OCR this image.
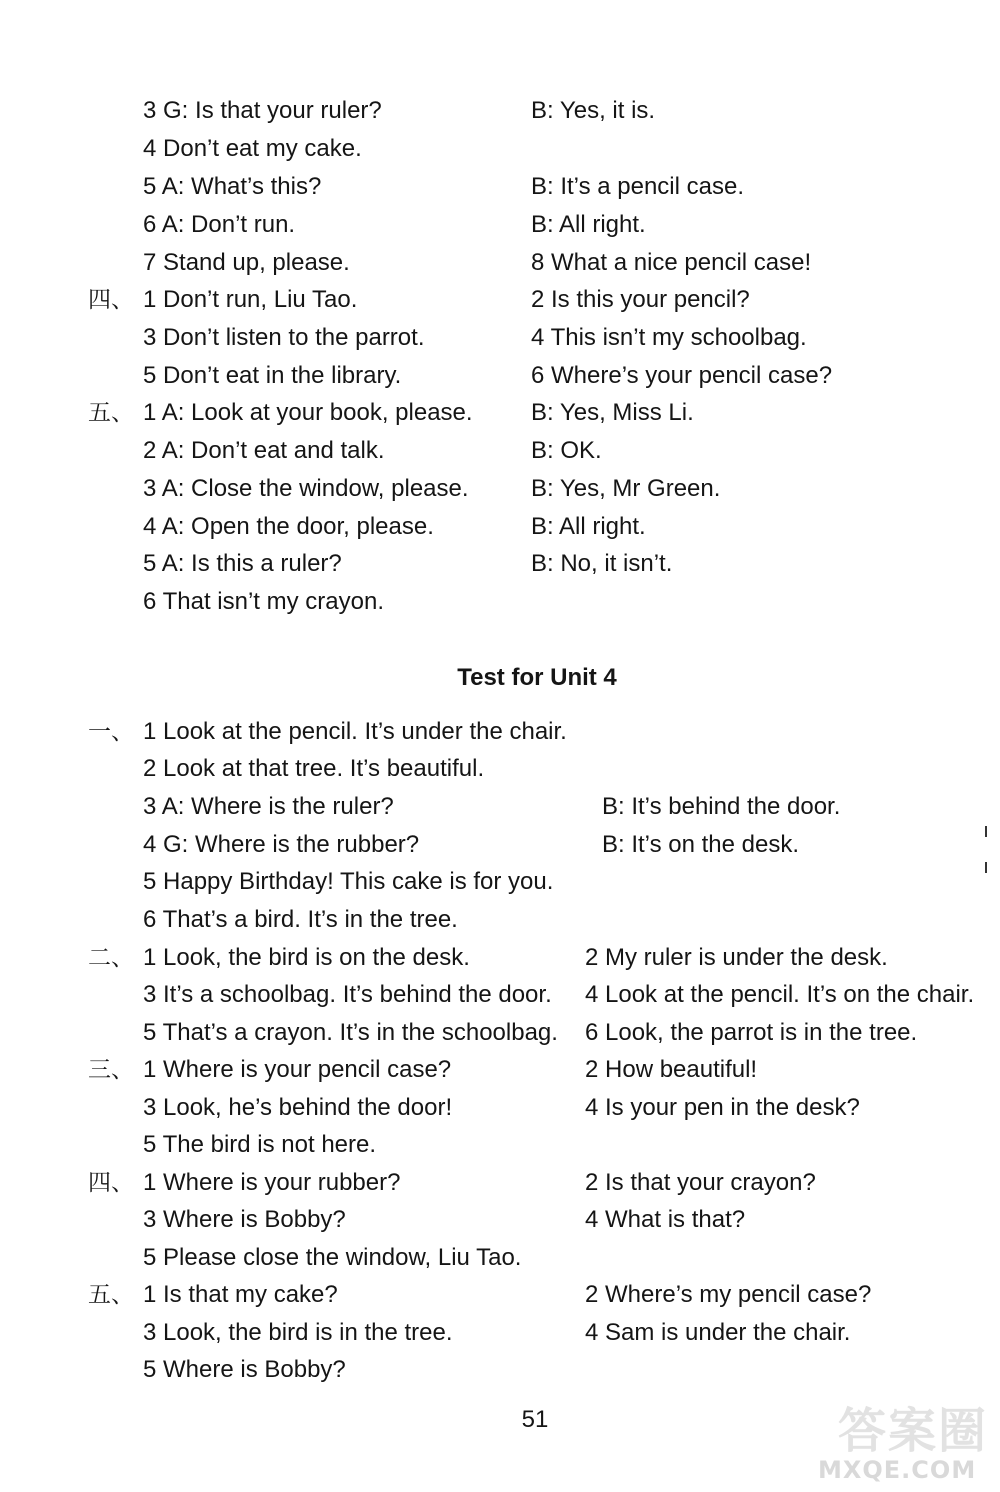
3 G: Is that your ruler?	B: Yes, it is.
4 Don’t eat my cake.
5 A: What’s this?	B: It’s a pencil case.
6 A: Don’t run.	B: All right.
7 Stand up, please.	8 What a nice pencil case!
四、 1 Don’t run, Liu Tao.	2 Is this your pencil?
3 Don’t listen to the parrot.	4 This isn’t my schoolbag.
5 Don’t eat in the library.	6 Where’s your pencil case?
五、 1 A: Look at your book, please. B: Yes, Miss Li.
2 A: Don’t eat and talk.	B: OK.
3 A: Close the window, please.	B: Yes, Mr Green.
4 A: Open the door, please.	B: All right.
5 A: Is this a ruler?	B: No, it isn’t.
6 That isn’t my crayon.
Test for Unit 4
一、 1 Look at the pencil. It’s under the chair.
2 Look at that tree. It’s beautiful.
3 A: Where is the ruler?	B: It’s behind the door.
4 G: Where is the rubber?	B: It’s on the desk.
5 Happy Birthday! This cake is for you.
6 That’s a bird. It’s in the tree.
二、 1 Look, the bird is on the desk.	2 My ruler is under the desk.
3 It’s a schoolbag. It’s behind the door. 4 Look at the pencil. It’s on the chair.
5 That’s a crayon. It’s in the schoolbag. 6 Look, the parrot is in the tree.
三、 1 Where is your pencil case?	2 How beautiful!
3 Look, he’s behind the door!	4 Is your pen in the desk?
5 The bird is not here.
四、 1 Where is your rubber?	2 Is that your crayon?
3 Where is Bobby?	4 What is that?
5 Please close the window, Liu Tao.
五、 1 Is that my cake?	2 Where’s my pencil case?
3 Look, the bird is in the tree.	4 Sam is under the chair.
5 Where is Bobby?
51	答案圈
MXQE.COM
